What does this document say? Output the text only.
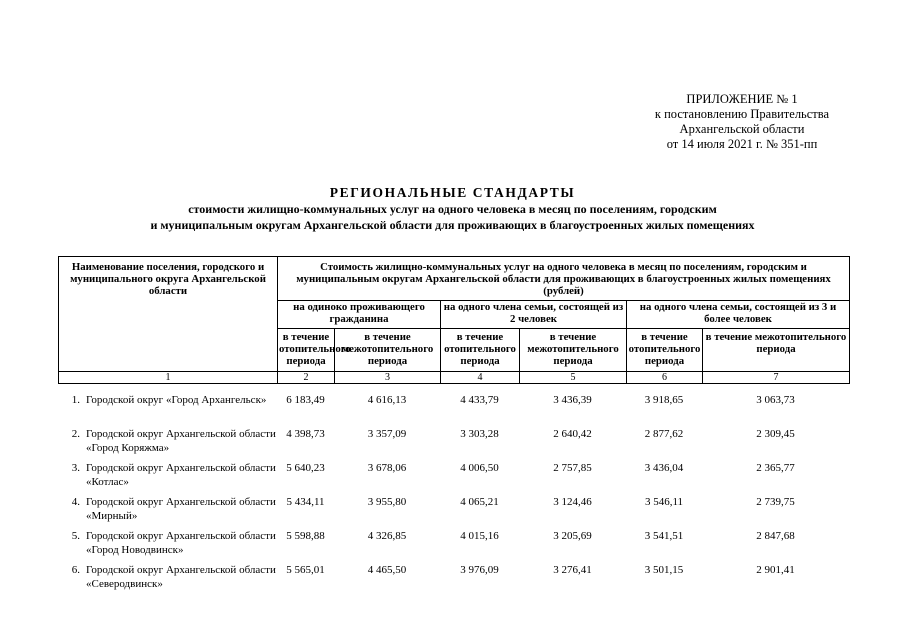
ПРИЛОЖЕНИЕ № 1
к постановлению Правительства
Архангельской области
от 14 июля 2021 г. № 351-пп
РЕГИОНАЛЬНЫЕ СТАНДАРТЫ
стоимости жилищно-коммунальных услуг на одного человека в месяц по поселениям, городским
и муниципальным округам Архангельской области для проживающих в благоустроенных жилых помещениях
Наименование поселения, городского и муниципального округа Архангельской области	Стоимость жилищно-коммунальных услуг на одного человека в месяц по поселениям, городским и муниципальным округам Архангельской области для проживающих в благоустроенных жилых помещениях (рублей)					
	на одиноко проживающего гражданина		на одного члена семьи, состоящей из 2 человек		на одного члена семьи, состоящей из 3 и более человек	
	в течение отопительного периода	в течение межотопительного периода	в течение отопительного периода	в течение межотопительного периода	в течение отопительного периода	в течение межотопительного периода
1	2	3	4	5	6	7
1.	Городской округ «Город Архангельск»	6 183,49	4 616,13	4 433,79	3 436,39	3 918,65	3 063,73
2.	Городской округ Архангельской области «Город Коряжма»	4 398,73	3 357,09	3 303,28	2 640,42	2 877,62	2 309,45
3.	Городской округ Архангельской области «Котлас»	5 640,23	3 678,06	4 006,50	2 757,85	3 436,04	2 365,77
4.	Городской округ Архангельской области «Мирный»	5 434,11	3 955,80	4 065,21	3 124,46	3 546,11	2 739,75
5.	Городской округ Архангельской области «Город Новодвинск»	5 598,88	4 326,85	4 015,16	3 205,69	3 541,51	2 847,68
6.	Городской округ Архангельской области «Северодвинск»	5 565,01	4 465,50	3 976,09	3 276,41	3 501,15	2 901,41
